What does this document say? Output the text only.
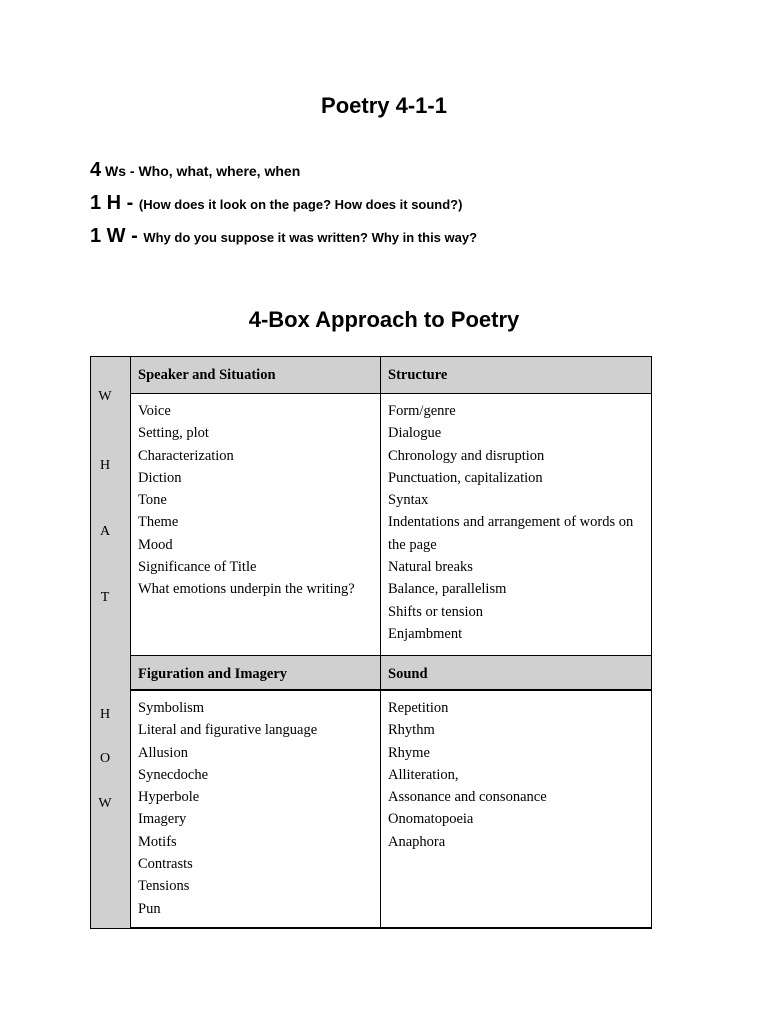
Poetry 4-1-1
4 Ws - Who, what, where, when
1 H - (How does it look on the page? How does it sound?)
1 W - Why do you suppose it was written? Why in this way?
4-Box Approach to Poetry
W
H
A
T
H
O
W
Speaker and Situation	Structure
Voice
Setting, plot
Characterization
Diction
Tone
Theme
Mood
Significance of Title
What emotions underpin the writing?
Form/genre
Dialogue
Chronology and disruption
Punctuation, capitalization
Syntax
Indentations and arrangement of words on the page
Natural breaks
Balance, parallelism
Shifts or tension
Enjambment
Figuration and Imagery	Sound
Symbolism
Literal and figurative language
Allusion
Synecdoche
Hyperbole
Imagery
Motifs
Contrasts
Tensions
Pun
Repetition
Rhythm
Rhyme
Alliteration,
Assonance and consonance
Onomatopoeia
Anaphora
